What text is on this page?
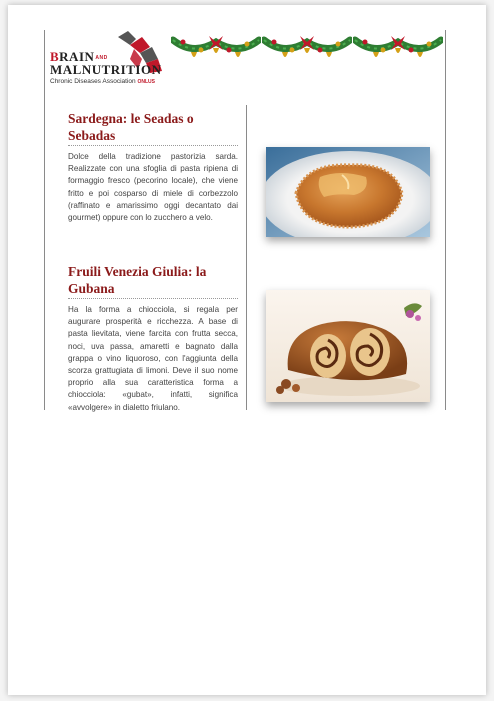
BRAINAND
MALNUTRITION
Chronic Diseases Association ONLUS
Sardegna: le Seadas o Sebadas

Dolce della tradizione pastorizia sarda. Realizzate con una sfoglia di pasta ripiena di formaggio fresco (pecorino locale), che viene fritto e poi cosparso di miele di corbezzolo (raffinato e amarissimo oggi decantato dai gourmet) oppure con lo zucchero a velo.

Fruili Venezia Giulia: la Gubana

Ha la forma a chiocciola, si regala per augurare prosperità e ricchezza. A base di pasta lievitata, viene farcita con frutta secca, noci, uva passa, amaretti e bagnato dalla grappa o vino liquoroso, con l'aggiunta della scorza grattugiata di limoni. Deve il suo nome proprio alla sua caratteristica forma a chiocciola: «gubat», infatti, significa «avvolgere» in dialetto friulano.
